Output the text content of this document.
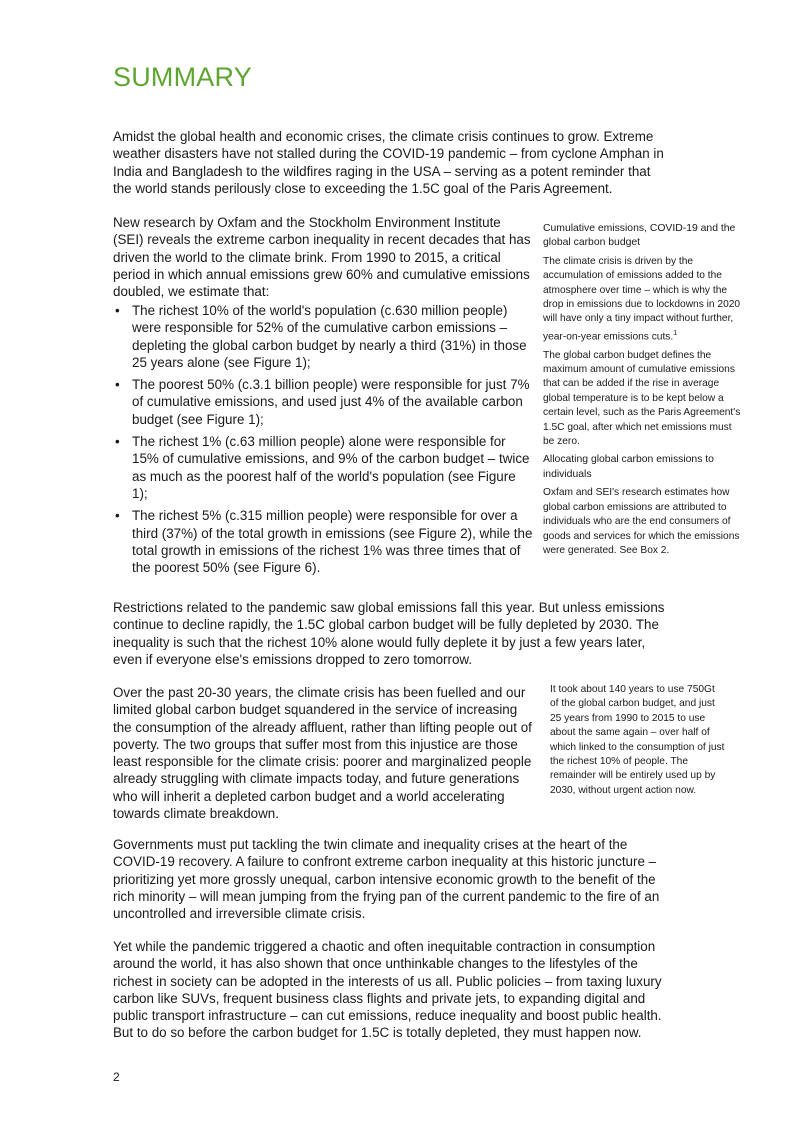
SUMMARY

Amidst the global health and economic crises, the climate crisis continues to grow. Extreme weather disasters have not stalled during the COVID-19 pandemic – from cyclone Amphan in India and Bangladesh to the wildfires raging in the USA – serving as a potent reminder that the world stands perilously close to exceeding the 1.5C goal of the Paris Agreement.

New research by Oxfam and the Stockholm Environment Institute (SEI) reveals the extreme carbon inequality in recent decades that has driven the world to the climate brink. From 1990 to 2015, a critical period in which annual emissions grew 60% and cumulative emissions doubled, we estimate that:

• The richest 10% of the world's population (c.630 million people) were responsible for 52% of the cumulative carbon emissions – depleting the global carbon budget by nearly a third (31%) in those 25 years alone (see Figure 1);
• The poorest 50% (c.3.1 billion people) were responsible for just 7% of cumulative emissions, and used just 4% of the available carbon budget (see Figure 1);
• The richest 1% (c.63 million people) alone were responsible for 15% of cumulative emissions, and 9% of the carbon budget – twice as much as the poorest half of the world's population (see Figure 1);
• The richest 5% (c.315 million people) were responsible for over a third (37%) of the total growth in emissions (see Figure 2), while the total growth in emissions of the richest 1% was three times that of the poorest 50% (see Figure 6).

Cumulative emissions, COVID-19 and the global carbon budget

The climate crisis is driven by the accumulation of emissions added to the atmosphere over time – which is why the drop in emissions due to lockdowns in 2020 will have only a tiny impact without further, year-on-year emissions cuts.$^1$

The global carbon budget defines the maximum amount of cumulative emissions that can be added if the rise in average global temperature is to be kept below a certain level, such as the Paris Agreement's 1.5C goal, after which net emissions must be zero.

Allocating global carbon emissions to individuals

Oxfam and SEI's research estimates how global carbon emissions are attributed to individuals who are the end consumers of goods and services for which the emissions were generated. See Box 2.

Restrictions related to the pandemic saw global emissions fall this year. But unless emissions continue to decline rapidly, the 1.5C global carbon budget will be fully depleted by 2030. The inequality is such that the richest 10% alone would fully deplete it by just a few years later, even if everyone else's emissions dropped to zero tomorrow.

Over the past 20-30 years, the climate crisis has been fuelled and our limited global carbon budget squandered in the service of increasing the consumption of the already affluent, rather than lifting people out of poverty. The two groups that suffer most from this injustice are those least responsible for the climate crisis: poorer and marginalized people already struggling with climate impacts today, and future generations who will inherit a depleted carbon budget and a world accelerating towards climate breakdown.

It took about 140 years to use 750Gt of the global carbon budget, and just 25 years from 1990 to 2015 to use about the same again – over half of which linked to the consumption of just the richest 10% of people. The remainder will be entirely used up by 2030, without urgent action now.

Governments must put tackling the twin climate and inequality crises at the heart of the COVID-19 recovery. A failure to confront extreme carbon inequality at this historic juncture – prioritizing yet more grossly unequal, carbon intensive economic growth to the benefit of the rich minority – will mean jumping from the frying pan of the current pandemic to the fire of an uncontrolled and irreversible climate crisis.

Yet while the pandemic triggered a chaotic and often inequitable contraction in consumption around the world, it has also shown that once unthinkable changes to the lifestyles of the richest in society can be adopted in the interests of us all. Public policies – from taxing luxury carbon like SUVs, frequent business class flights and private jets, to expanding digital and public transport infrastructure – can cut emissions, reduce inequality and boost public health. But to do so before the carbon budget for 1.5C is totally depleted, they must happen now.

2
